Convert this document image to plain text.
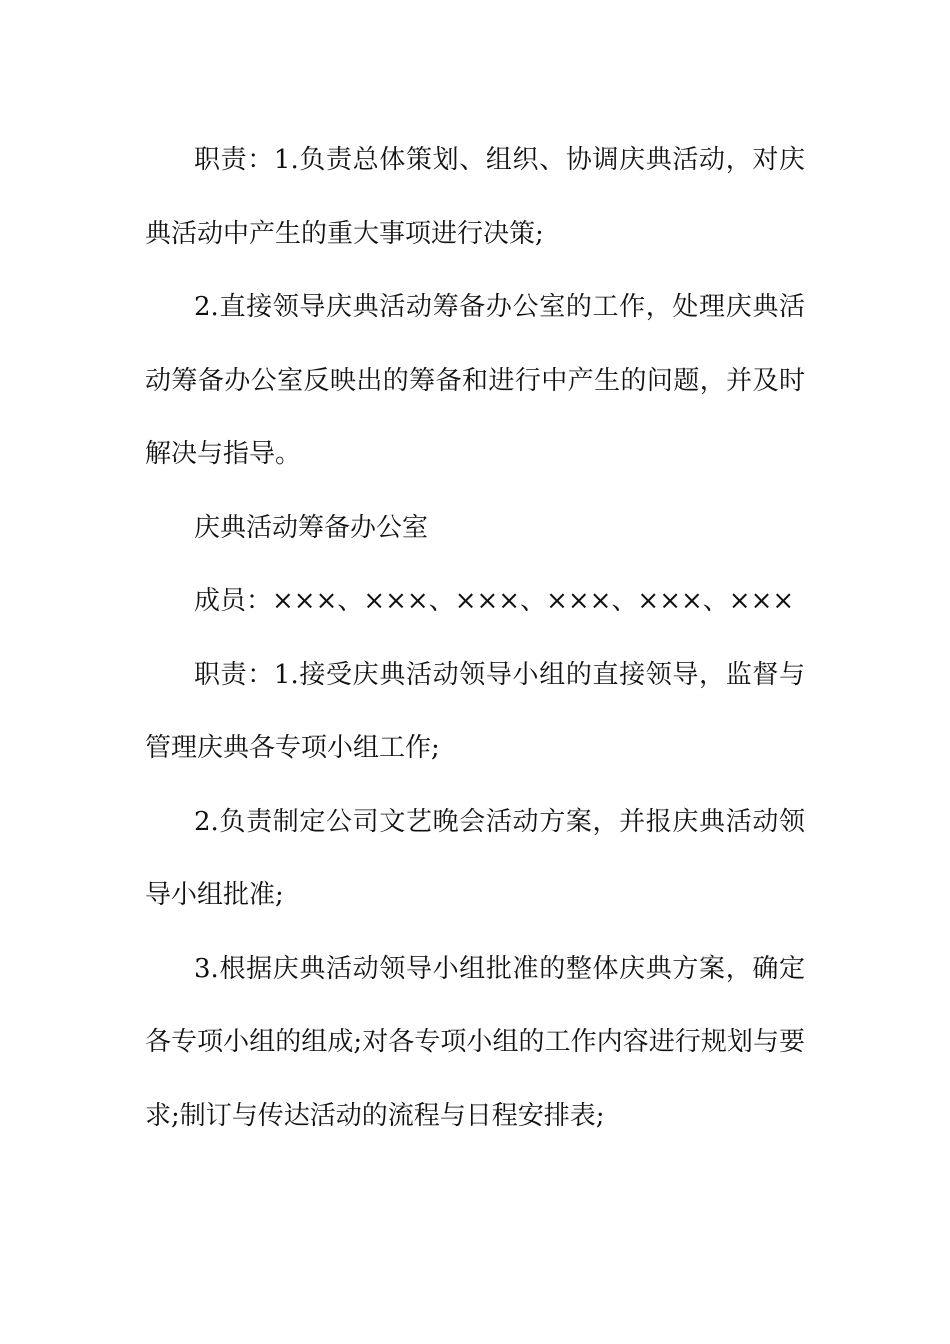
职责：1.负责总体策划、组织、协调庆典活动，对庆典活动中产生的重大事项进行决策;

2.直接领导庆典活动筹备办公室的工作，处理庆典活动筹备办公室反映出的筹备和进行中产生的问题，并及时解决与指导。

庆典活动筹备办公室

成员：×××、×××、×××、×××、×××、×××

职责：1.接受庆典活动领导小组的直接领导，监督与管理庆典各专项小组工作;

2.负责制定公司文艺晚会活动方案，并报庆典活动领导小组批准;

3.根据庆典活动领导小组批准的整体庆典方案，确定各专项小组的组成;对各专项小组的工作内容进行规划与要求;制订与传达活动的流程与日程安排表;
